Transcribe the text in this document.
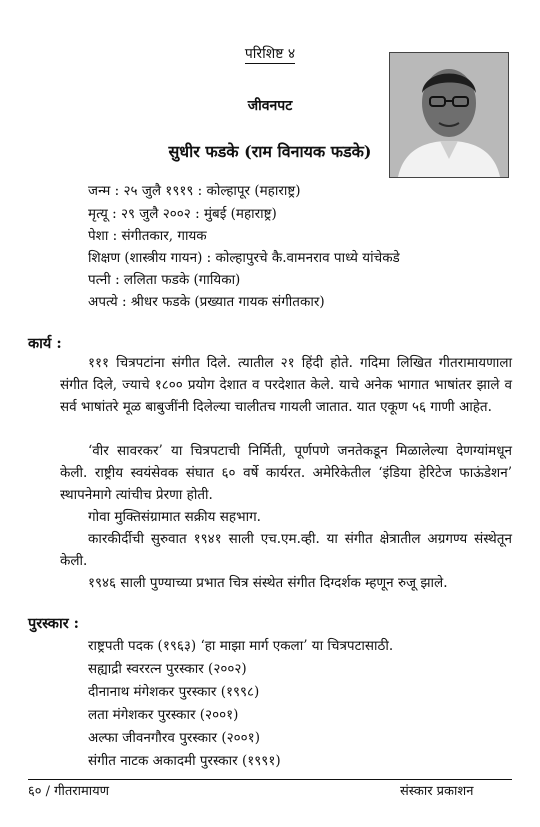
परिशिष्ट ४
जीवनपट
सुधीर फडके (राम विनायक फडके)
जन्म : २५ जुलै १९१९ : कोल्हापूर (महाराष्ट्र)
मृत्यू : २९ जुलै २००२ : मुंबई (महाराष्ट्र)
पेशा : संगीतकार, गायक
शिक्षण (शास्त्रीय गायन) : कोल्हापुरचे कै.वामनराव पाध्ये यांचेकडे
पत्नी : ललिता फडके (गायिका)
अपत्ये : श्रीधर फडके (प्रख्यात गायक संगीतकार)
कार्य :
१११ चित्रपटांना संगीत दिले. त्यातील २१ हिंदी होते. गदिमा लिखित गीतरामायणाला संगीत दिले, ज्याचे १८०० प्रयोग देशात व परदेशात केले. याचे अनेक भागात भाषांतर झाले व सर्व भाषांतरे मूळ बाबुजींनी दिलेल्या चालीतच गायली जातात. यात एकूण ५६ गाणी आहेत.
‘वीर सावरकर’ या चित्रपटाची निर्मिती, पूर्णपणे जनतेकडून मिळालेल्या देणग्यांमधून केली. राष्ट्रीय स्वयंसेवक संघात ६० वर्षे कार्यरत. अमेरिकेतील ‘इंडिया हेरिटेज फाऊंडेशन’ स्थापनेमागे त्यांचीच प्रेरणा होती.
गोवा मुक्तिसंग्रामात सक्रीय सहभाग.
कारकीर्दीची सुरुवात १९४१ साली एच.एम.व्ही. या संगीत क्षेत्रातील अग्रगण्य संस्थेतून केली.
१९४६ साली पुण्याच्या प्रभात चित्र संस्थेत संगीत दिग्दर्शक म्हणून रुजू झाले.
पुरस्कार :
राष्ट्रपती पदक (१९६३) ‘हा माझा मार्ग एकला’ या चित्रपटासाठी.
सह्याद्री स्वररत्न पुरस्कार (२००२)
दीनानाथ मंगेशकर पुरस्कार (१९९८)
लता मंगेशकर पुरस्कार (२००१)
अल्फा जीवनगौरव पुरस्कार (२००१)
संगीत नाटक अकादमी पुरस्कार (१९९१)
६० / गीतरामायण	संस्कार प्रकाशन
